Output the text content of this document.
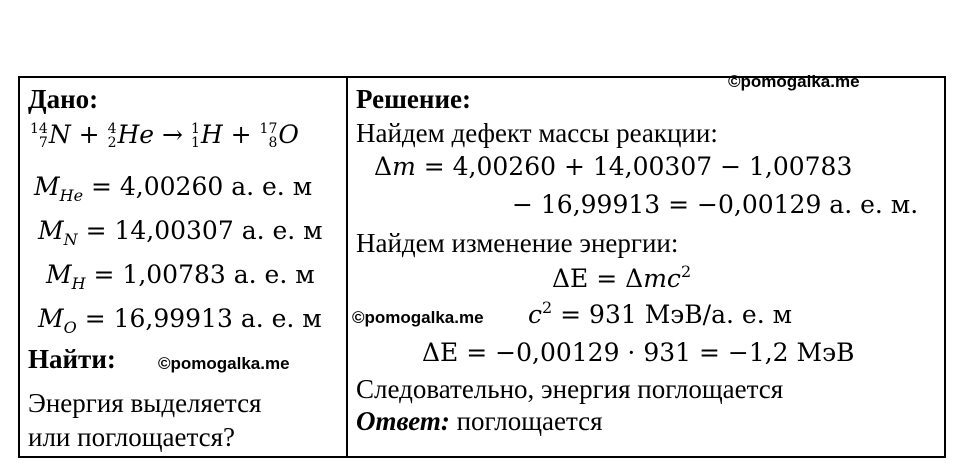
Дано:
14
7 N + 4
2 He → 1
1 H + 17
8 O
$M_{He} = 4,00260$ а. е. м
$M_N = 14,00307$ а. е. м
$M_H = 1,00783$ а. е. м
$M_O = 16,99913$ а. е. м
Найти:
Энергия выделяется
или поглощается?
Решение:
Найдем дефект массы реакции:
Δm = 4,00260 + 14,00307 − 1,00783
− 16,99913 = −0,00129 а. е. м.
Найдем изменение энергии:
ΔE = Δmc$^2$
$c^2 = 931$ МэВ/а. е. м
ΔE = −0,00129 · 931 = −1,2 МэВ
Следовательно, энергия поглощается
Ответ: поглощается
©pomogalka.me
©pomogalka.me
©pomogalka.me
